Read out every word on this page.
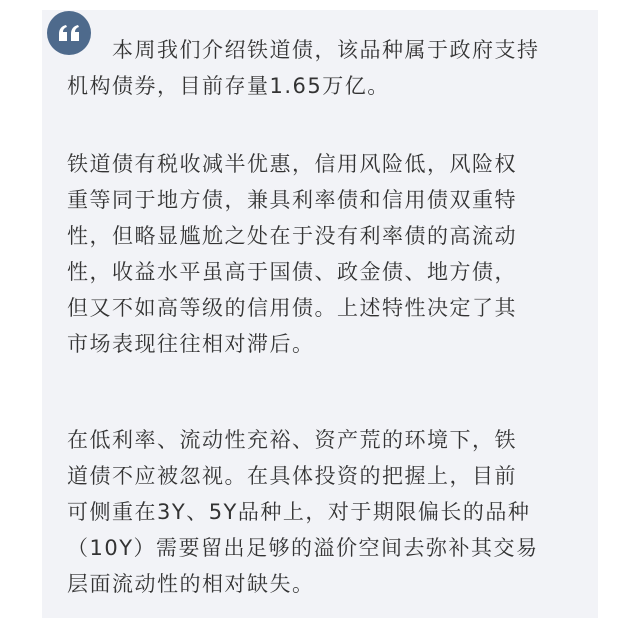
　　本周我们介绍铁道债，该品种属于政府支持
机构债券，目前存量1.65万亿。

铁道债有税收减半优惠，信用风险低，风险权
重等同于地方债，兼具利率债和信用债双重特
性，但略显尴尬之处在于没有利率债的高流动
性，收益水平虽高于国债、政金债、地方债，
但又不如高等级的信用债。上述特性决定了其
市场表现往往相对滞后。

在低利率、流动性充裕、资产荒的环境下，铁
道债不应被忽视。在具体投资的把握上，目前
可侧重在3Y、5Y品种上，对于期限偏长的品种
（10Y）需要留出足够的溢价空间去弥补其交易
层面流动性的相对缺失。
